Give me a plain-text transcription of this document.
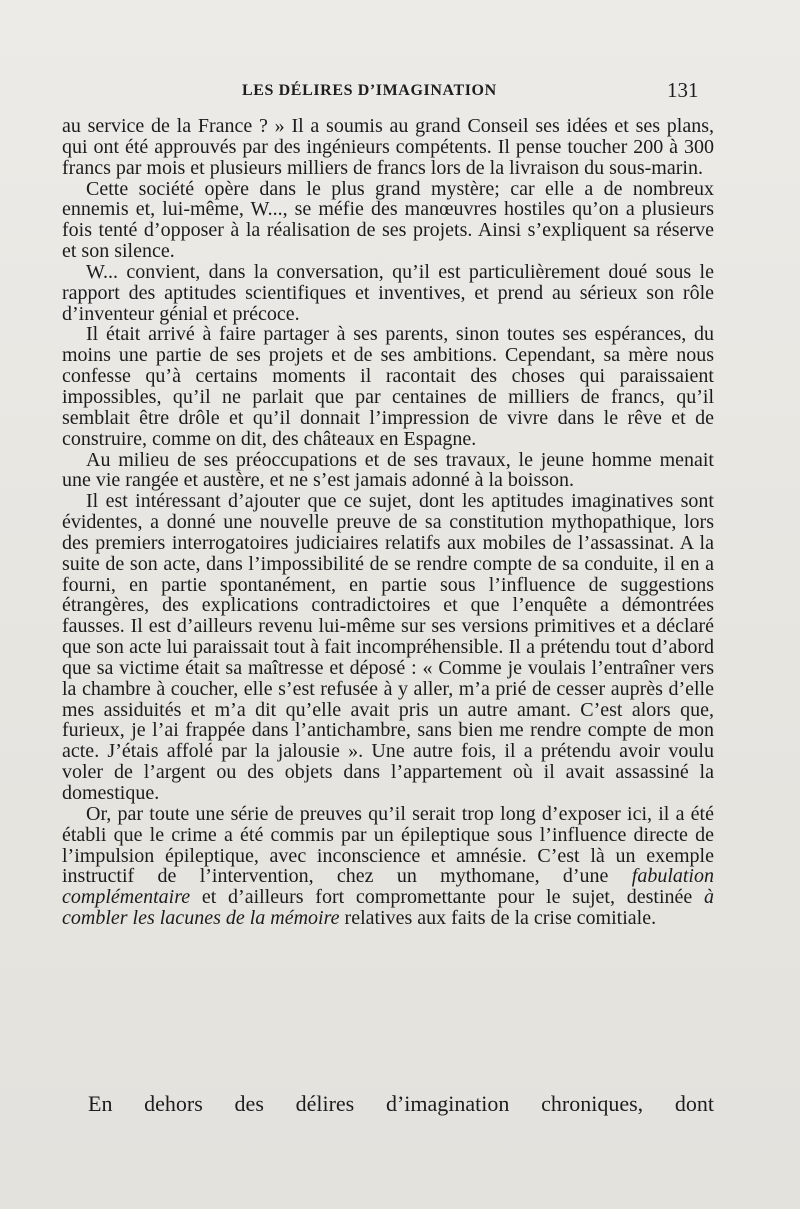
LES DÉLIRES D’IMAGINATION	131

au service de la France ? » Il a soumis au grand Conseil ses idées et ses plans, qui ont été approuvés par des ingénieurs compétents. Il pense toucher 200 à 300 francs par mois et plusieurs milliers de francs lors de la livraison du sous-marin.

Cette société opère dans le plus grand mystère; car elle a de nombreux ennemis et, lui-même, W..., se méfie des manœuvres hostiles qu’on a plusieurs fois tenté d’opposer à la réalisation de ses projets. Ainsi s’expliquent sa réserve et son silence.

W... convient, dans la conversation, qu’il est particulièrement doué sous le rapport des aptitudes scientifiques et inventives, et prend au sérieux son rôle d’inventeur génial et précoce.

Il était arrivé à faire partager à ses parents, sinon toutes ses espérances, du moins une partie de ses projets et de ses ambitions. Cependant, sa mère nous confesse qu’à certains moments il racontait des choses qui paraissaient impossibles, qu’il ne parlait que par centaines de milliers de francs, qu’il semblait être drôle et qu’il donnait l’impression de vivre dans le rêve et de construire, comme on dit, des châteaux en Espagne.

Au milieu de ses préoccupations et de ses travaux, le jeune homme menait une vie rangée et austère, et ne s’est jamais adonné à la boisson.

Il est intéressant d’ajouter que ce sujet, dont les aptitudes imaginatives sont évidentes, a donné une nouvelle preuve de sa constitution mythopathique, lors des premiers interrogatoires judiciaires relatifs aux mobiles de l’assassinat. A la suite de son acte, dans l’impossibilité de se rendre compte de sa conduite, il en a fourni, en partie spontanément, en partie sous l’influence de suggestions étrangères, des explications contradictoires et que l’enquête a démontrées fausses. Il est d’ailleurs revenu lui-même sur ses versions primitives et a déclaré que son acte lui paraissait tout à fait incompréhensible. Il a prétendu tout d’abord que sa victime était sa maîtresse et déposé : « Comme je voulais l’entraîner vers la chambre à coucher, elle s’est refusée à y aller, m’a prié de cesser auprès d’elle mes assiduités et m’a dit qu’elle avait pris un autre amant. C’est alors que, furieux, je l’ai frappée dans l’antichambre, sans bien me rendre compte de mon acte. J’étais affolé par la jalousie ». Une autre fois, il a prétendu avoir voulu voler de l’argent ou des objets dans l’appartement où il avait assassiné la domestique.

Or, par toute une série de preuves qu’il serait trop long d’exposer ici, il a été établi que le crime a été commis par un épileptique sous l’influence directe de l’impulsion épileptique, avec inconscience et amnésie. C’est là un exemple instructif de l’intervention, chez un mythomane, d’une fabulation complémentaire et d’ailleurs fort compromettante pour le sujet, destinée à combler les lacunes de la mémoire relatives aux faits de la crise comitiale.

En dehors des délires d’imagination chroniques, dont
